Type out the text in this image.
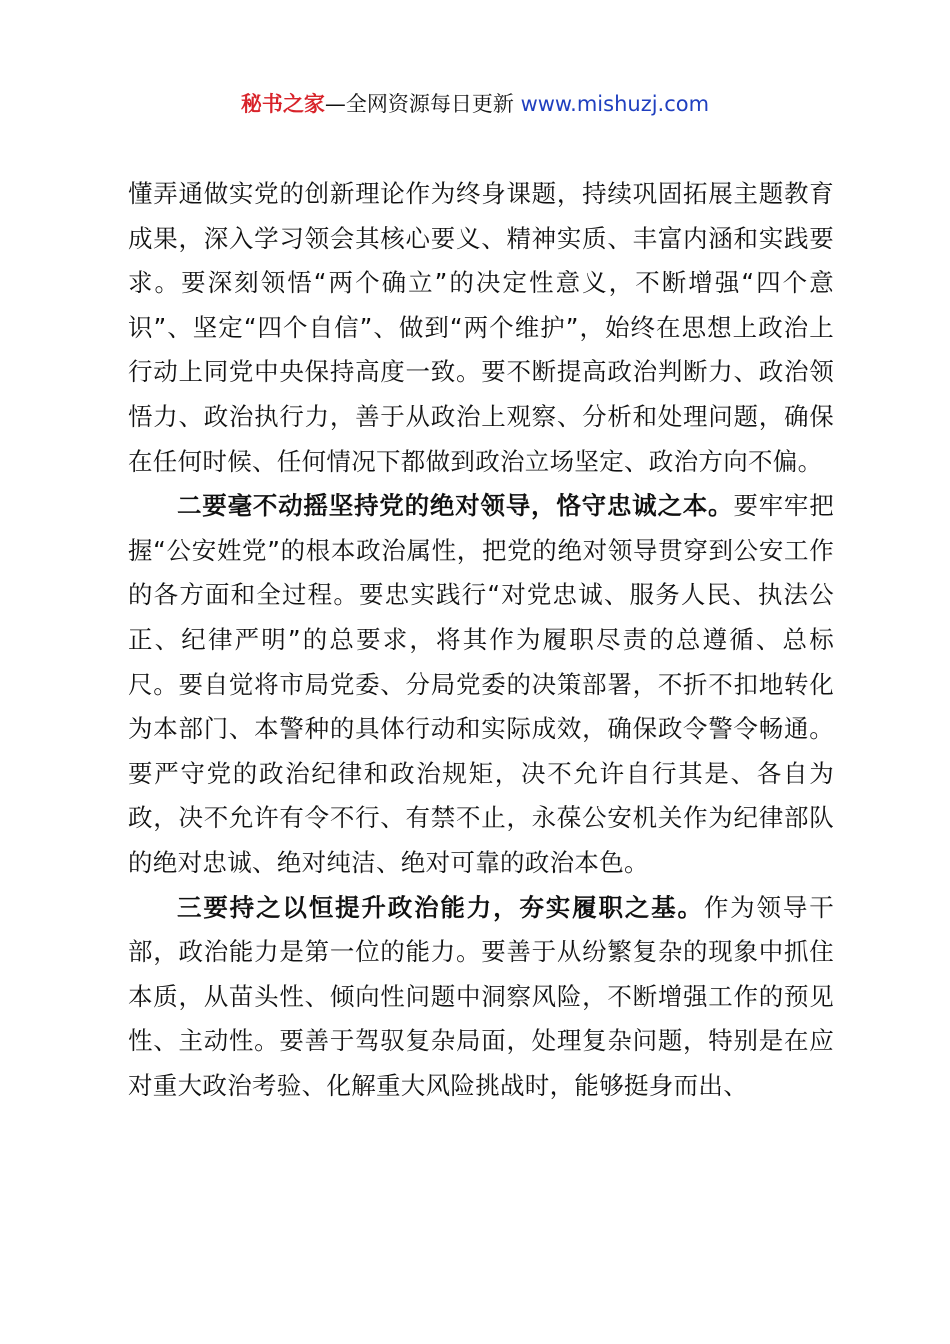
秘书之家—全网资源每日更新 www.mishuzj.com

懂弄通做实党的创新理论作为终身课题，持续巩固拓展主题教育成果，深入学习领会其核心要义、精神实质、丰富内涵和实践要求。要深刻领悟“两个确立”的决定性意义，不断增强“四个意识”、坚定“四个自信”、做到“两个维护”，始终在思想上政治上行动上同党中央保持高度一致。要不断提高政治判断力、政治领悟力、政治执行力，善于从政治上观察、分析和处理问题，确保在任何时候、任何情况下都做到政治立场坚定、政治方向不偏。

二要毫不动摇坚持党的绝对领导，恪守忠诚之本。要牢牢把握“公安姓党”的根本政治属性，把党的绝对领导贯穿到公安工作的各方面和全过程。要忠实践行“对党忠诚、服务人民、执法公正、纪律严明”的总要求，将其作为履职尽责的总遵循、总标尺。要自觉将市局党委、分局党委的决策部署，不折不扣地转化为本部门、本警种的具体行动和实际成效，确保政令警令畅通。要严守党的政治纪律和政治规矩，决不允许自行其是、各自为政，决不允许有令不行、有禁不止，永葆公安机关作为纪律部队的绝对忠诚、绝对纯洁、绝对可靠的政治本色。

三要持之以恒提升政治能力，夯实履职之基。作为领导干部，政治能力是第一位的能力。要善于从纷繁复杂的现象中抓住本质，从苗头性、倾向性问题中洞察风险，不断增强工作的预见性、主动性。要善于驾驭复杂局面，处理复杂问题，特别是在应对重大政治考验、化解重大风险挑战时，能够挺身而出、
